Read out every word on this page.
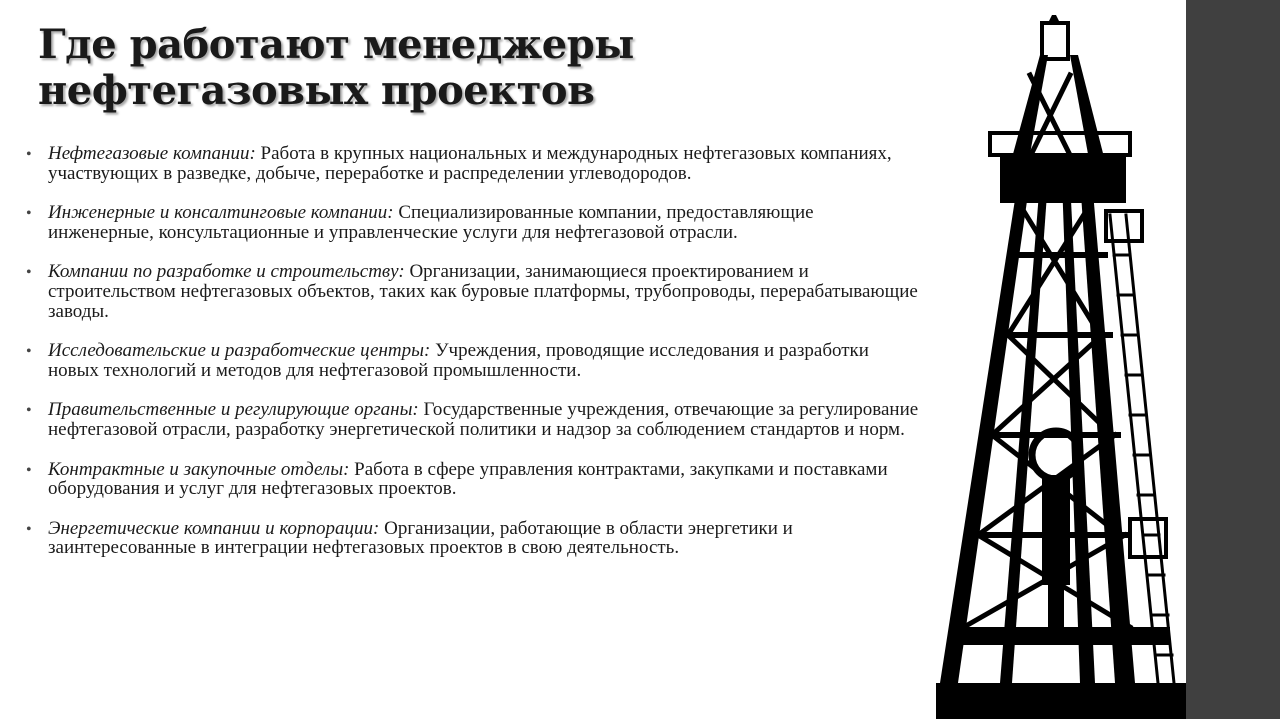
Где работают менеджеры нефтегазовых проектов
• Нефтегазовые компании: Работа в крупных национальных и международных нефтегазовых компаниях, участвующих в разведке, добыче, переработке и распределении углеводородов.
• Инженерные и консалтинговые компании: Специализированные компании, предоставляющие инженерные, консультационные и управленческие услуги для нефтегазовой отрасли.
• Компании по разработке и строительству: Организации, занимающиеся проектированием и строительством нефтегазовых объектов, таких как буровые платформы, трубопроводы, перерабатывающие заводы.
• Исследовательские и разработческие центры: Учреждения, проводящие исследования и разработки новых технологий и методов для нефтегазовой промышленности.
• Правительственные и регулирующие органы: Государственные учреждения, отвечающие за регулирование нефтегазовой отрасли, разработку энергетической политики и надзор за соблюдением стандартов и норм.
• Контрактные и закупочные отделы: Работа в сфере управления контрактами, закупками и поставками оборудования и услуг для нефтегазовых проектов.
• Энергетические компании и корпорации: Организации, работающие в области энергетики и заинтересованные в интеграции нефтегазовых проектов в свою деятельность.
